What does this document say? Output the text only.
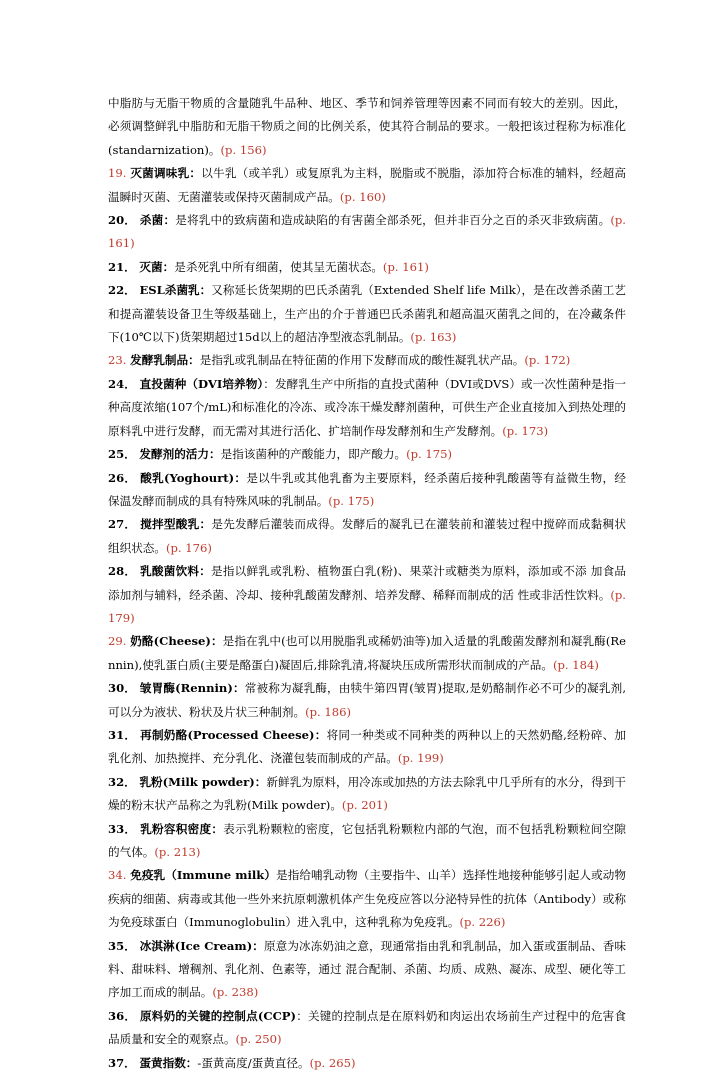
中脂肪与无脂干物质的含量随乳牛品种、地区、季节和饲养管理等因素不同而有较大的差别。因此，必须调整鲜乳中脂肪和无脂干物质之间的比例关系，使其符合制品的要求。一般把该过程称为标准化(standarnization)。(p. 156)

19. 灭菌调味乳：以牛乳（或羊乳）或复原乳为主料，脱脂或不脱脂，添加符合标准的辅料，经超高温瞬时灭菌、无菌灌装或保持灭菌制成产品。(p. 160)

20． 杀菌：是将乳中的致病菌和造成缺陷的有害菌全部杀死，但并非百分之百的杀灭非致病菌。(p. 161)

21． 灭菌：是杀死乳中所有细菌，使其呈无菌状态。(p. 161)

22． ESL杀菌乳：又称延长货架期的巴氏杀菌乳（Extended Shelf life Milk），是在改善杀菌工艺和提高灌装设备卫生等级基础上，生产出的介于普通巴氏杀菌乳和超高温灭菌乳之间的，在冷藏条件下(10℃以下)货架期超过15d以上的超洁净型液态乳制品。(p. 163)

23. 发酵乳制品：是指乳或乳制品在特征菌的作用下发酵而成的酸性凝乳状产品。(p. 172)

24． 直投菌种（DVI培养物）：发酵乳生产中所指的直投式菌种（DVI或DVS）或一次性菌种是指一种高度浓缩(107个/mL)和标准化的冷冻、或冷冻干燥发酵剂菌种，可供生产企业直接加入到热处理的原料乳中进行发酵，而无需对其进行活化、扩培制作母发酵剂和生产发酵剂。(p. 173)

25． 发酵剂的活力：是指该菌种的产酸能力，即产酸力。(p. 175)

26． 酸乳(Yoghourt)：是以牛乳或其他乳畜为主要原料，经杀菌后接种乳酸菌等有益微生物，经保温发酵而制成的具有特殊风味的乳制品。(p. 175)

27． 搅拌型酸乳：是先发酵后灌装而成得。发酵后的凝乳已在灌装前和灌装过程中搅碎而成黏稠状组织状态。(p. 176)

28． 乳酸菌饮料：是指以鲜乳或乳粉、植物蛋白乳(粉)、果菜汁或糖类为原料，添加或不添 加食品添加剂与辅料，经杀菌、冷却、接种乳酸菌发酵剂、培养发酵、稀释而制成的活 性或非活性饮料。(p. 179)

29. 奶酪(Cheese)：是指在乳中(也可以用脱脂乳或稀奶油等)加入适量的乳酸菌发酵剂和凝乳酶(Rennin),使乳蛋白质(主要是酪蛋白)凝固后,排除乳清,将凝块压成所需形状而制成的产品。(p. 184)

30． 皱胃酶(Rennin)：常被称为凝乳酶，由犊牛第四胃(皱胃)提取,是奶酪制作必不可少的凝乳剂,可以分为液状、粉状及片状三种制剂。(p. 186)

31． 再制奶酪(Processed Cheese)：将同一种类或不同种类的两种以上的天然奶酪,经粉碎、加乳化剂、加热搅拌、充分乳化、浇灌包装而制成的产品。(p. 199)

32． 乳粉(Milk powder)：新鲜乳为原料，用冷冻或加热的方法去除乳中几乎所有的水分，得到干燥的粉末状产品称之为乳粉(Milk powder)。(p. 201)

33． 乳粉容积密度：表示乳粉颗粒的密度，它包括乳粉颗粒内部的气泡，而不包括乳粉颗粒间空隙的气体。(p. 213)

34. 免疫乳（Immune milk）是指给哺乳动物（主要指牛、山羊）选择性地接种能够引起人或动物疾病的细菌、病毒或其他一些外来抗原刺激机体产生免疫应答以分泌特异性的抗体（Antibody）或称为免疫球蛋白（Immunoglobulin）进入乳中，这种乳称为免疫乳。(p. 226)

35． 冰淇淋(Ice Cream)：原意为冰冻奶油之意，现通常指由乳和乳制品，加入蛋或蛋制品、香味料、甜味料、增稠剂、乳化剂、色素等，通过 混合配制、杀菌、均质、成熟、凝冻、成型、硬化等工序加工而成的制品。(p. 238)

36． 原料奶的关键的控制点(CCP)：关键的控制点是在原料奶和肉运出农场前生产过程中的危害食品质量和安全的观察点。(p. 250)

37． 蛋黄指数：-蛋黄高度/蛋黄直径。(p. 265)
